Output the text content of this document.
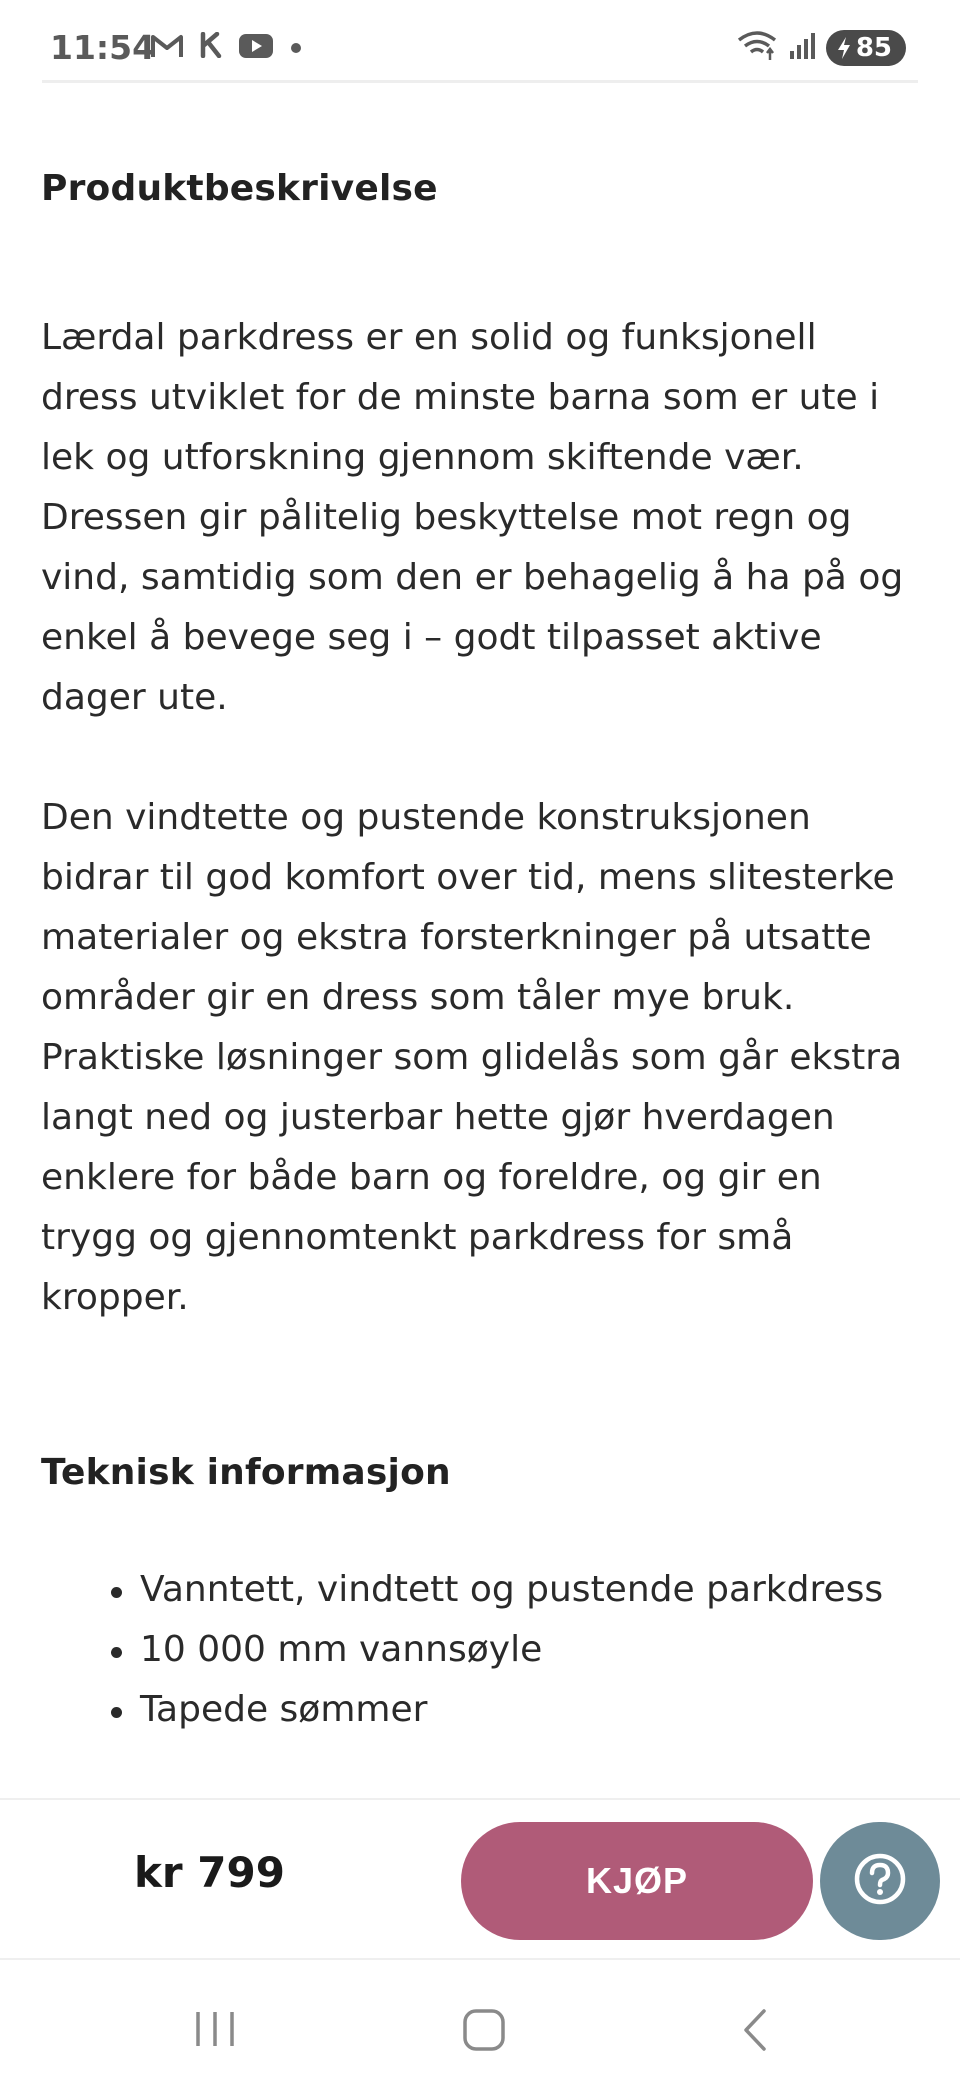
11:54	85
Produktbeskrivelse

Lærdal parkdress er en solid og funksjonell dress utviklet for de minste barna som er ute i lek og utforskning gjennom skiftende vær. Dressen gir pålitelig beskyttelse mot regn og vind, samtidig som den er behagelig å ha på og enkel å bevege seg i – godt tilpasset aktive dager ute.

Den vindtette og pustende konstruksjonen bidrar til god komfort over tid, mens slitesterke materialer og ekstra forsterkninger på utsatte områder gir en dress som tåler mye bruk. Praktiske løsninger som glidelås som går ekstra langt ned og justerbar hette gjør hverdagen enklere for både barn og foreldre, og gir en trygg og gjennomtenkt parkdress for små kropper.

Teknisk informasjon
Vanntett, vindtett og pustende parkdress
10 000 mm vannsøyle
Tapede sømmer
kr 799	KJØP
